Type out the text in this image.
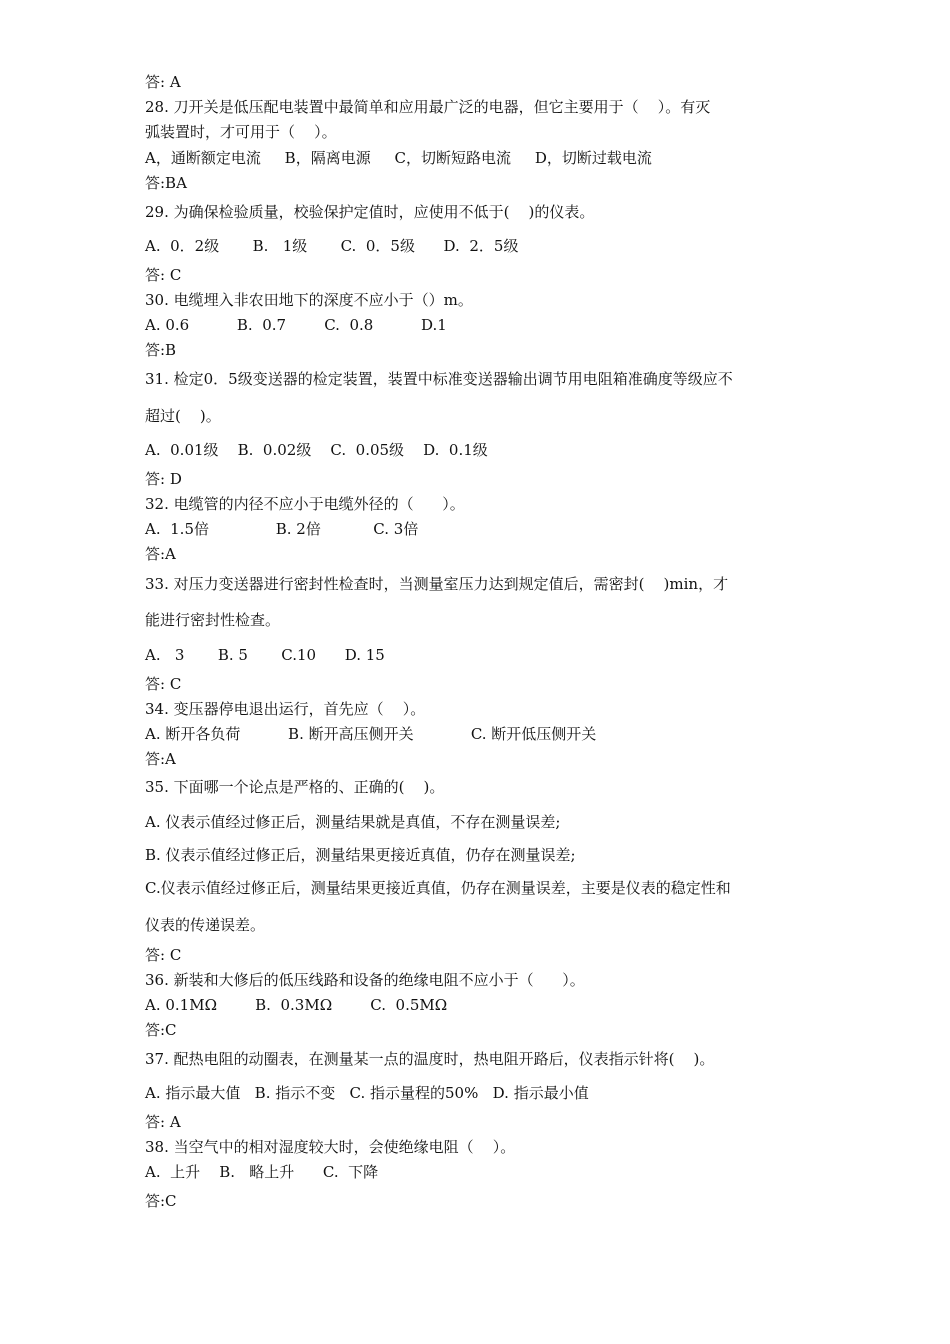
答: A

28. 刀开关是低压配电装置中最简单和应用最广泛的电器，但它主要用于（    ）。有灭

弧装置时，才可用于（    ）。

A，通断额定电流     B，隔离电源     C，切断短路电流     D，切断过载电流

答:BA

29. 为确保检验质量，校验保护定值时，应使用不低于(    )的仪表。

A.  0．2级       B.   1级       C.  0．5级      D.  2．5级

答: C

30. 电缆埋入非农田地下的深度不应小于（）m。

A. 0.6          B.  0.7        C.  0.8          D.1

答:B

31. 检定0．5级变送器的检定装置，装置中标准变送器输出调节用电阻箱准确度等级应不

超过(    )。

A.  0.01级    B.  0.02级    C.  0.05级    D.  0.1级

答: D

32. 电缆管的内径不应小于电缆外径的（      ）。

A.  1.5倍              B. 2倍           C. 3倍

答:A

33. 对压力变送器进行密封性检查时，当测量室压力达到规定值后，需密封(    )min，才

能进行密封性检查。

A.   3       B. 5       C.10      D. 15

答: C

34. 变压器停电退出运行，首先应（    ）。

A. 断开各负荷          B. 断开高压侧开关            C. 断开低压侧开关

答:A

35. 下面哪一个论点是严格的、正确的(    )。

A. 仪表示值经过修正后，测量结果就是真值，不存在测量误差;

B. 仪表示值经过修正后，测量结果更接近真值，仍存在测量误差;

C.仪表示值经过修正后，测量结果更接近真值，仍存在测量误差，主要是仪表的稳定性和

仪表的传递误差。

答: C

36. 新装和大修后的低压线路和设备的绝缘电阻不应小于（      ）。

A. 0.1MΩ        B.  0.3MΩ        C.  0.5MΩ

答:C

37. 配热电阻的动圈表，在测量某一点的温度时，热电阻开路后，仪表指示针将(    )。

A. 指示最大值   B. 指示不变   C. 指示量程的50%   D. 指示最小值

答: A

38. 当空气中的相对湿度较大时，会使绝缘电阻（    ）。

A.  上升    B.   略上升      C.  下降

答:C
